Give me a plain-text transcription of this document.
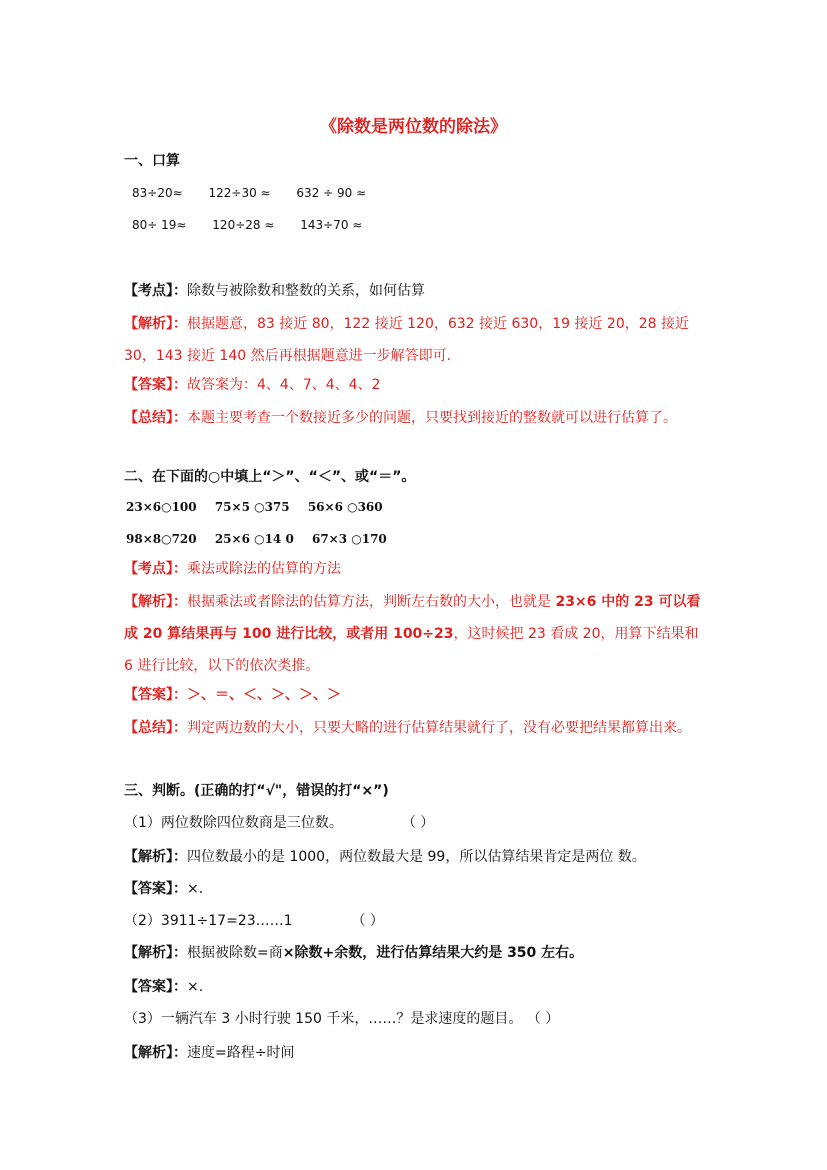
《除数是两位数的除法》
一、口算
83÷20≈ 122÷30 ≈ 632 ÷ 90 ≈
80÷ 19≈ 120÷28 ≈ 143÷70 ≈
【考点】：除数与被除数和整数的关系，如何估算
【解析】：根据题意，83 接近 80，122 接近 120，632 接近 630，19 接近 20，28 接近 30，143 接近 140 然后再根据题意进一步解答即可.
【答案】：故答案为：4、4、7、4、4、2
【总结】：本题主要考查一个数接近多少的问题，只要找到接近的整数就可以进行估算了。
二、在下面的○中填上“＞”、“＜”、或“＝”。
23×6○100 75×5 ○375 56×6 ○360
98×8○720 25×6 ○14 0 67×3 ○170
【考点】：乘法或除法的估算的方法
【解析】：根据乘法或者除法的估算方法，判断左右数的大小，也就是 23×6 中的 23 可以看成 20 算结果再与 100 进行比较，或者用 100÷23，这时候把 23 看成 20，用算下结果和 6 进行比较，以下的依次类推。
【答案】：＞、＝、＜、＞、＞、＞
【总结】：判定两边数的大小，只要大略的进行估算结果就行了，没有必要把结果都算出来。
三、判断。(正确的打“√"，错误的打“×”)
（1）两位数除四位数商是三位数。	（ ）
【解析】：四位数最小的是 1000，两位数最大是 99，所以估算结果肯定是两位 数。
【答案】：×.
（2）3911÷17=23……1	（ ）
【解析】：根据被除数=商×除数+余数，进行估算结果大约是 350 左右。
【答案】：×.
（3）一辆汽车 3 小时行驶 150 千米，……？是求速度的题目。 （ ）
【解析】：速度=路程÷时间
